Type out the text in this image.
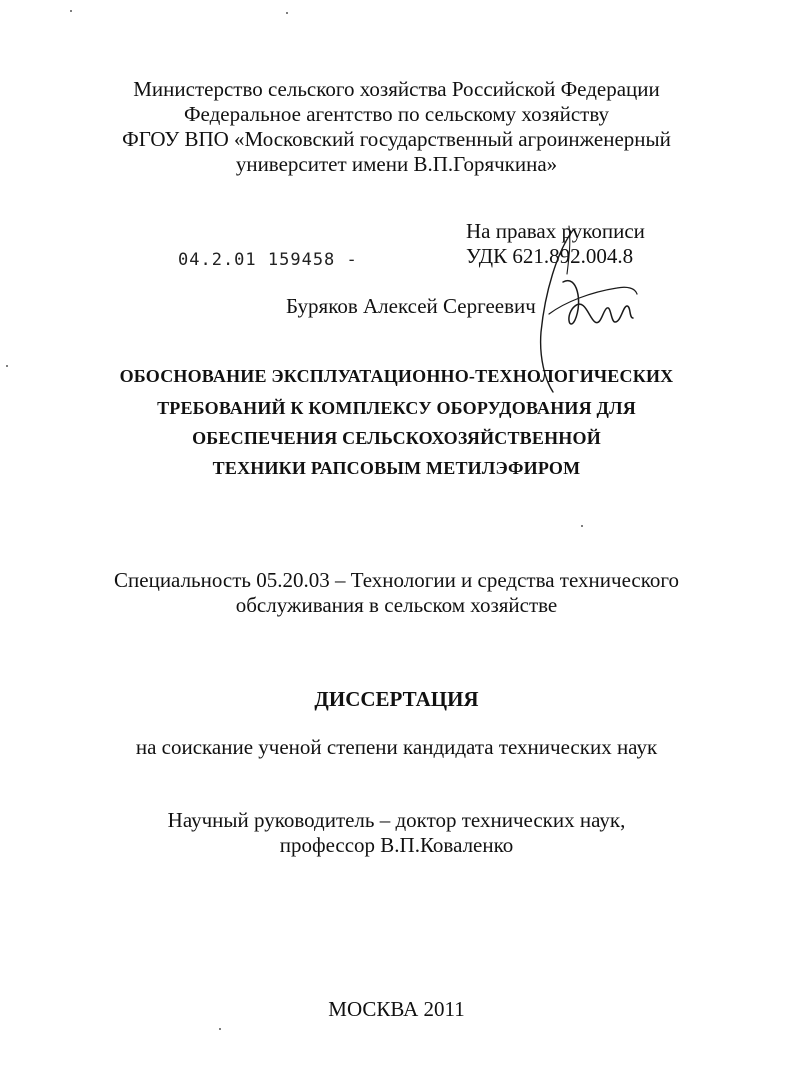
Министерство сельского хозяйства Российской Федерации
Федеральное агентство по сельскому хозяйству
ФГОУ ВПО «Московский государственный агроинженерный
университет имени В.П.Горячкина»
На правах рукописи
УДК 621.892.004.8
04.2.01 159458 -
Буряков Алексей Сергеевич
ОБОСНОВАНИЕ ЭКСПЛУАТАЦИОННО-ТЕХНОЛОГИЧЕСКИХ
ТРЕБОВАНИЙ К КОМПЛЕКСУ ОБОРУДОВАНИЯ ДЛЯ
ОБЕСПЕЧЕНИЯ СЕЛЬСКОХОЗЯЙСТВЕННОЙ
ТЕХНИКИ РАПСОВЫМ МЕТИЛЭФИРОМ
Специальность 05.20.03 – Технологии и средства технического
обслуживания в сельском хозяйстве
ДИССЕРТАЦИЯ
на соискание ученой степени кандидата технических наук
Научный руководитель – доктор технических наук,
профессор В.П.Коваленко
МОСКВА 2011
